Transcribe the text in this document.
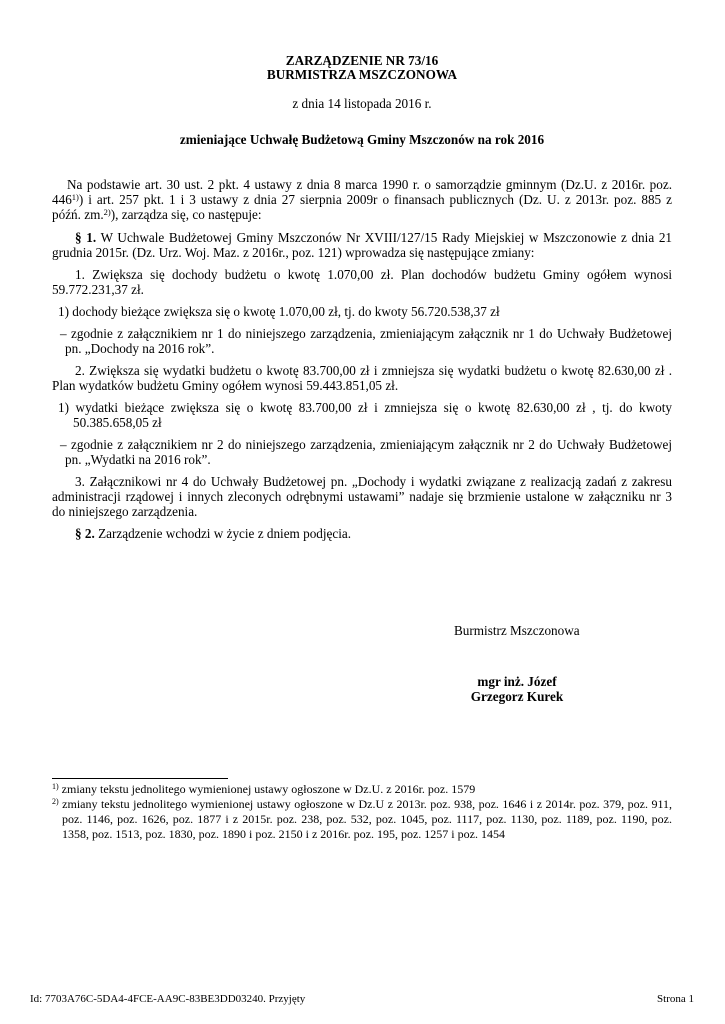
ZARZĄDZENIE NR 73/16
BURMISTRZA MSZCZONOWA
z dnia 14 listopada 2016 r.
zmieniające Uchwałę Budżetową Gminy Mszczonów na rok 2016
Na podstawie art. 30 ust. 2 pkt. 4 ustawy z dnia 8 marca 1990 r. o samorządzie gminnym (Dz.U. z 2016r. poz.
446$^{1)}$) i art. 257 pkt. 1 i 3 ustawy z dnia 27 sierpnia 2009r o finansach publicznych (Dz. U. z 2013r. poz. 885 z
późń. zm.$^{2)}$), zarządza się, co następuje:
§ 1. W Uchwale Budżetowej Gminy Mszczonów Nr XVIII/127/15 Rady Miejskiej w Mszczonowie z dnia 21
grudnia 2015r. (Dz. Urz. Woj. Maz. z 2016r., poz. 121) wprowadza się następujące zmiany:
1. Zwiększa się dochody budżetu o kwotę 1.070,00 zł. Plan dochodów budżetu Gminy ogółem wynosi
59.772.231,37 zł.
1) dochody bieżące zwiększa się o kwotę 1.070,00 zł, tj. do kwoty 56.720.538,37 zł
– zgodnie z załącznikiem nr 1 do niniejszego zarządzenia, zmieniającym załącznik nr 1 do Uchwały Budżetowej
pn. „Dochody na 2016 rok”.
2. Zwiększa się wydatki budżetu o kwotę 83.700,00 zł i zmniejsza się wydatki budżetu o kwotę 82.630,00 zł .
Plan wydatków budżetu Gminy ogółem wynosi 59.443.851,05 zł.
1) wydatki bieżące zwiększa się o kwotę 83.700,00 zł i zmniejsza się o kwotę 82.630,00 zł , tj. do kwoty
50.385.658,05 zł
– zgodnie z załącznikiem nr 2 do niniejszego zarządzenia, zmieniającym załącznik nr 2 do Uchwały Budżetowej
pn. „Wydatki na 2016 rok”.
3. Załącznikowi nr 4 do Uchwały Budżetowej pn. „Dochody i wydatki związane z realizacją zadań z zakresu
administracji rządowej i innych zleconych odrębnymi ustawami” nadaje się brzmienie ustalone w załączniku nr 3
do niniejszego zarządzenia.
§ 2. Zarządzenie wchodzi w życie z dniem podjęcia.
Burmistrz Mszczonowa
mgr inż. Józef
Grzegorz Kurek
$^{1)}$ zmiany tekstu jednolitego wymienionej ustawy ogłoszone w Dz.U. z 2016r. poz. 1579
$^{2)}$ zmiany tekstu jednolitego wymienionej ustawy ogłoszone w Dz.U z 2013r. poz. 938, poz. 1646 i z 2014r. poz. 379, poz. 911,
poz. 1146, poz. 1626, poz. 1877 i z 2015r. poz. 238, poz. 532, poz. 1045, poz. 1117, poz. 1130, poz. 1189, poz. 1190, poz.
1358, poz. 1513, poz. 1830, poz. 1890 i poz. 2150 i z 2016r. poz. 195, poz. 1257 i poz. 1454
Id: 7703A76C-5DA4-4FCE-AA9C-83BE3DD03240. Przyjęty	Strona 1
